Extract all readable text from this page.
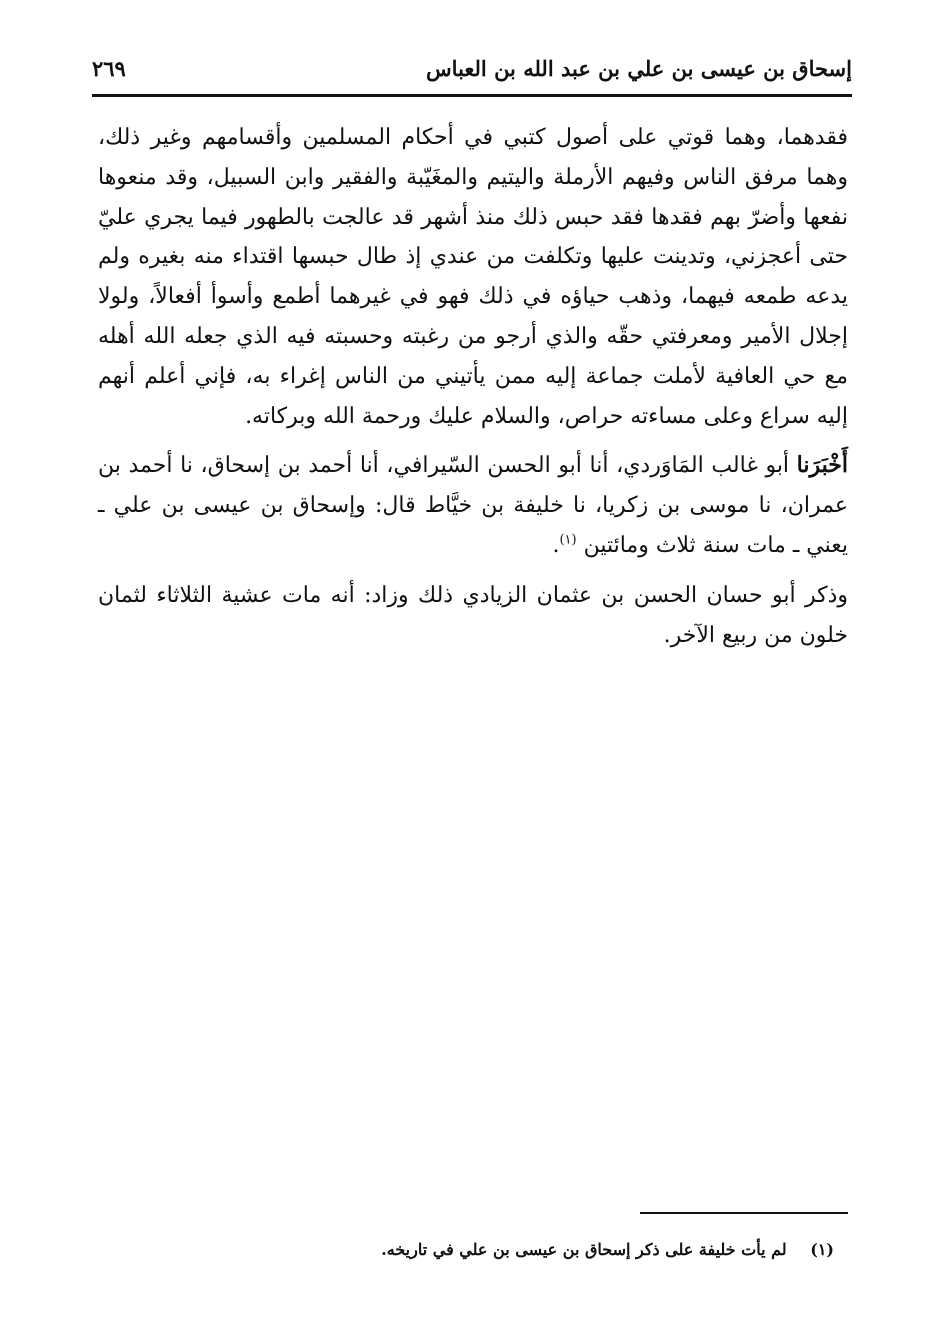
إسحاق بن عيسى بن علي بن عبد الله بن العباس
٢٦٩

فقدهما، وهما قوتي على أصول كتبي في أحكام المسلمين وأقسامهم وغير ذلك، وهما مرفق الناس وفيهم الأرملة واليتيم والمغَيّبة والفقير وابن السبيل، وقد منعوها نفعها وأضرّ بهم فقدها فقد حبس ذلك منذ أشهر قد عالجت بالطهور فيما يجري عليّ حتى أعجزني، وتدينت عليها وتكلفت من عندي إذ طال حبسها اقتداء منه بغيره ولم يدعه طمعه فيهما، وذهب حياؤه في ذلك فهو في غيرهما أطمع وأسوأ أفعالاً، ولولا إجلال الأمير ومعرفتي حقّه والذي أرجو من رغبته وحسبته فيه الذي جعله الله أهله مع حي العافية لأملت جماعة إليه ممن يأتيني من الناس إغراء به، فإني أعلم أنهم إليه سراع وعلى مساءته حراص، والسلام عليك ورحمة الله وبركاته.

أَخْبَرَنا أبو غالب المَاوَردي، أنا أبو الحسن السّيرافي، أنا أحمد بن إسحاق، نا أحمد بن عمران، نا موسى بن زكريا، نا خليفة بن خيَّاط قال: وإسحاق بن عيسى بن علي ـ يعني ـ مات سنة ثلاث ومائتين $^{(١)}$.

وذكر أبو حسان الحسن بن عثمان الزيادي ذلك وزاد: أنه مات عشية الثلاثاء لثمان خلون من ربيع الآخر.

(١) لم يأت خليفة على ذكر إسحاق بن عيسى بن علي في تاريخه.
